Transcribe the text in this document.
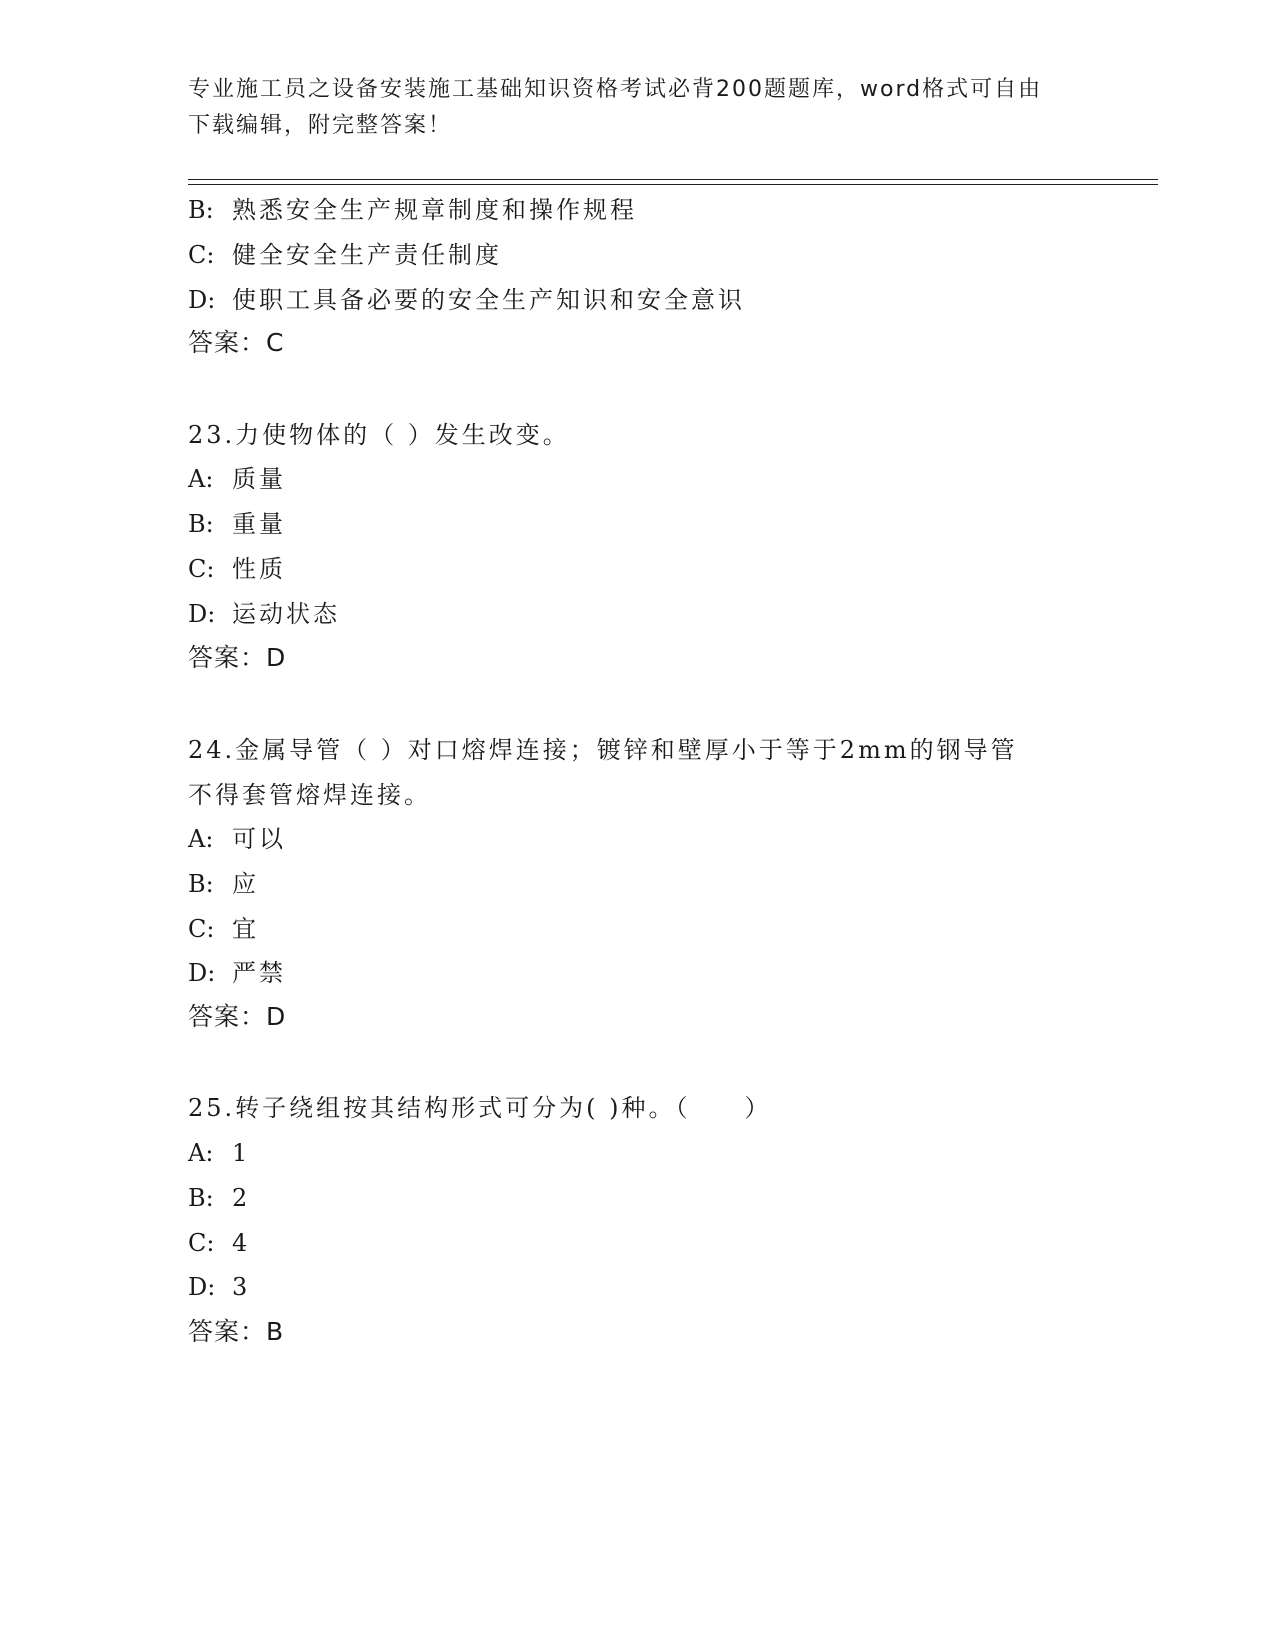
专业施工员之设备安装施工基础知识资格考试必背200题题库，word格式可自由
下载编辑，附完整答案！
B: 熟悉安全生产规章制度和操作规程
C: 健全安全生产责任制度
D: 使职工具备必要的安全生产知识和安全意识
答案：C
23.力使物体的（ ）发生改变。
A: 质量
B: 重量
C: 性质
D: 运动状态
答案：D
24.金属导管（ ）对口熔焊连接；镀锌和壁厚小于等于2mm的钢导管
不得套管熔焊连接。
A: 可以
B: 应
C: 宜
D: 严禁
答案：D
25.转子绕组按其结构形式可分为( )种。（　　）
A: 1
B: 2
C: 4
D: 3
答案：B
